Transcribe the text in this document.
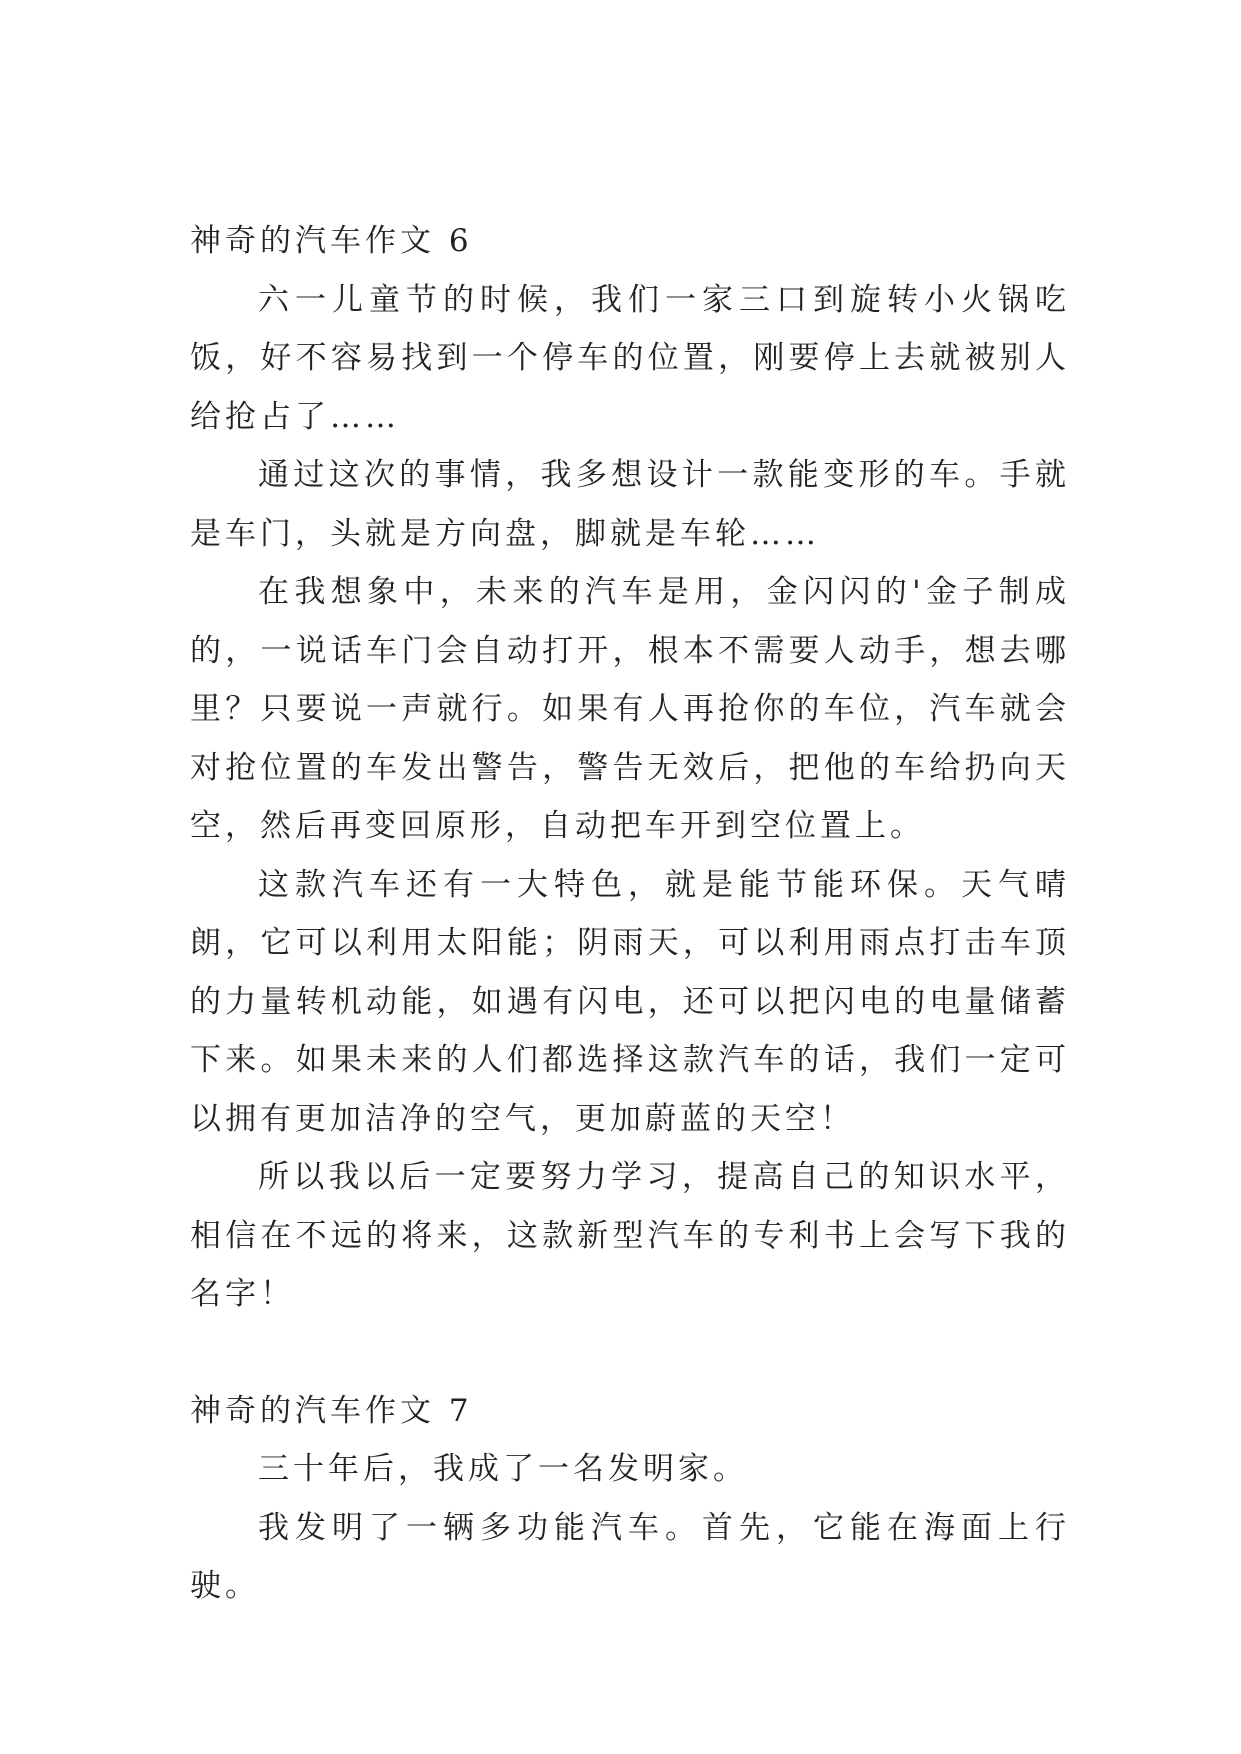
神奇的汽车作文 6

六一儿童节的时候，我们一家三口到旋转小火锅吃饭，好不容易找到一个停车的位置，刚要停上去就被别人给抢占了……

通过这次的事情，我多想设计一款能变形的车。手就是车门，头就是方向盘，脚就是车轮……

在我想象中，未来的汽车是用，金闪闪的'金子制成的，一说话车门会自动打开，根本不需要人动手，想去哪里？只要说一声就行。如果有人再抢你的车位，汽车就会对抢位置的车发出警告，警告无效后，把他的车给扔向天空，然后再变回原形，自动把车开到空位置上。

这款汽车还有一大特色，就是能节能环保。天气晴朗，它可以利用太阳能；阴雨天，可以利用雨点打击车顶的力量转机动能，如遇有闪电，还可以把闪电的电量储蓄下来。如果未来的人们都选择这款汽车的话，我们一定可以拥有更加洁净的空气，更加蔚蓝的天空！

所以我以后一定要努力学习，提高自己的知识水平，相信在不远的将来，这款新型汽车的专利书上会写下我的名字！

神奇的汽车作文 7

三十年后，我成了一名发明家。

我发明了一辆多功能汽车。首先，它能在海面上行驶。
